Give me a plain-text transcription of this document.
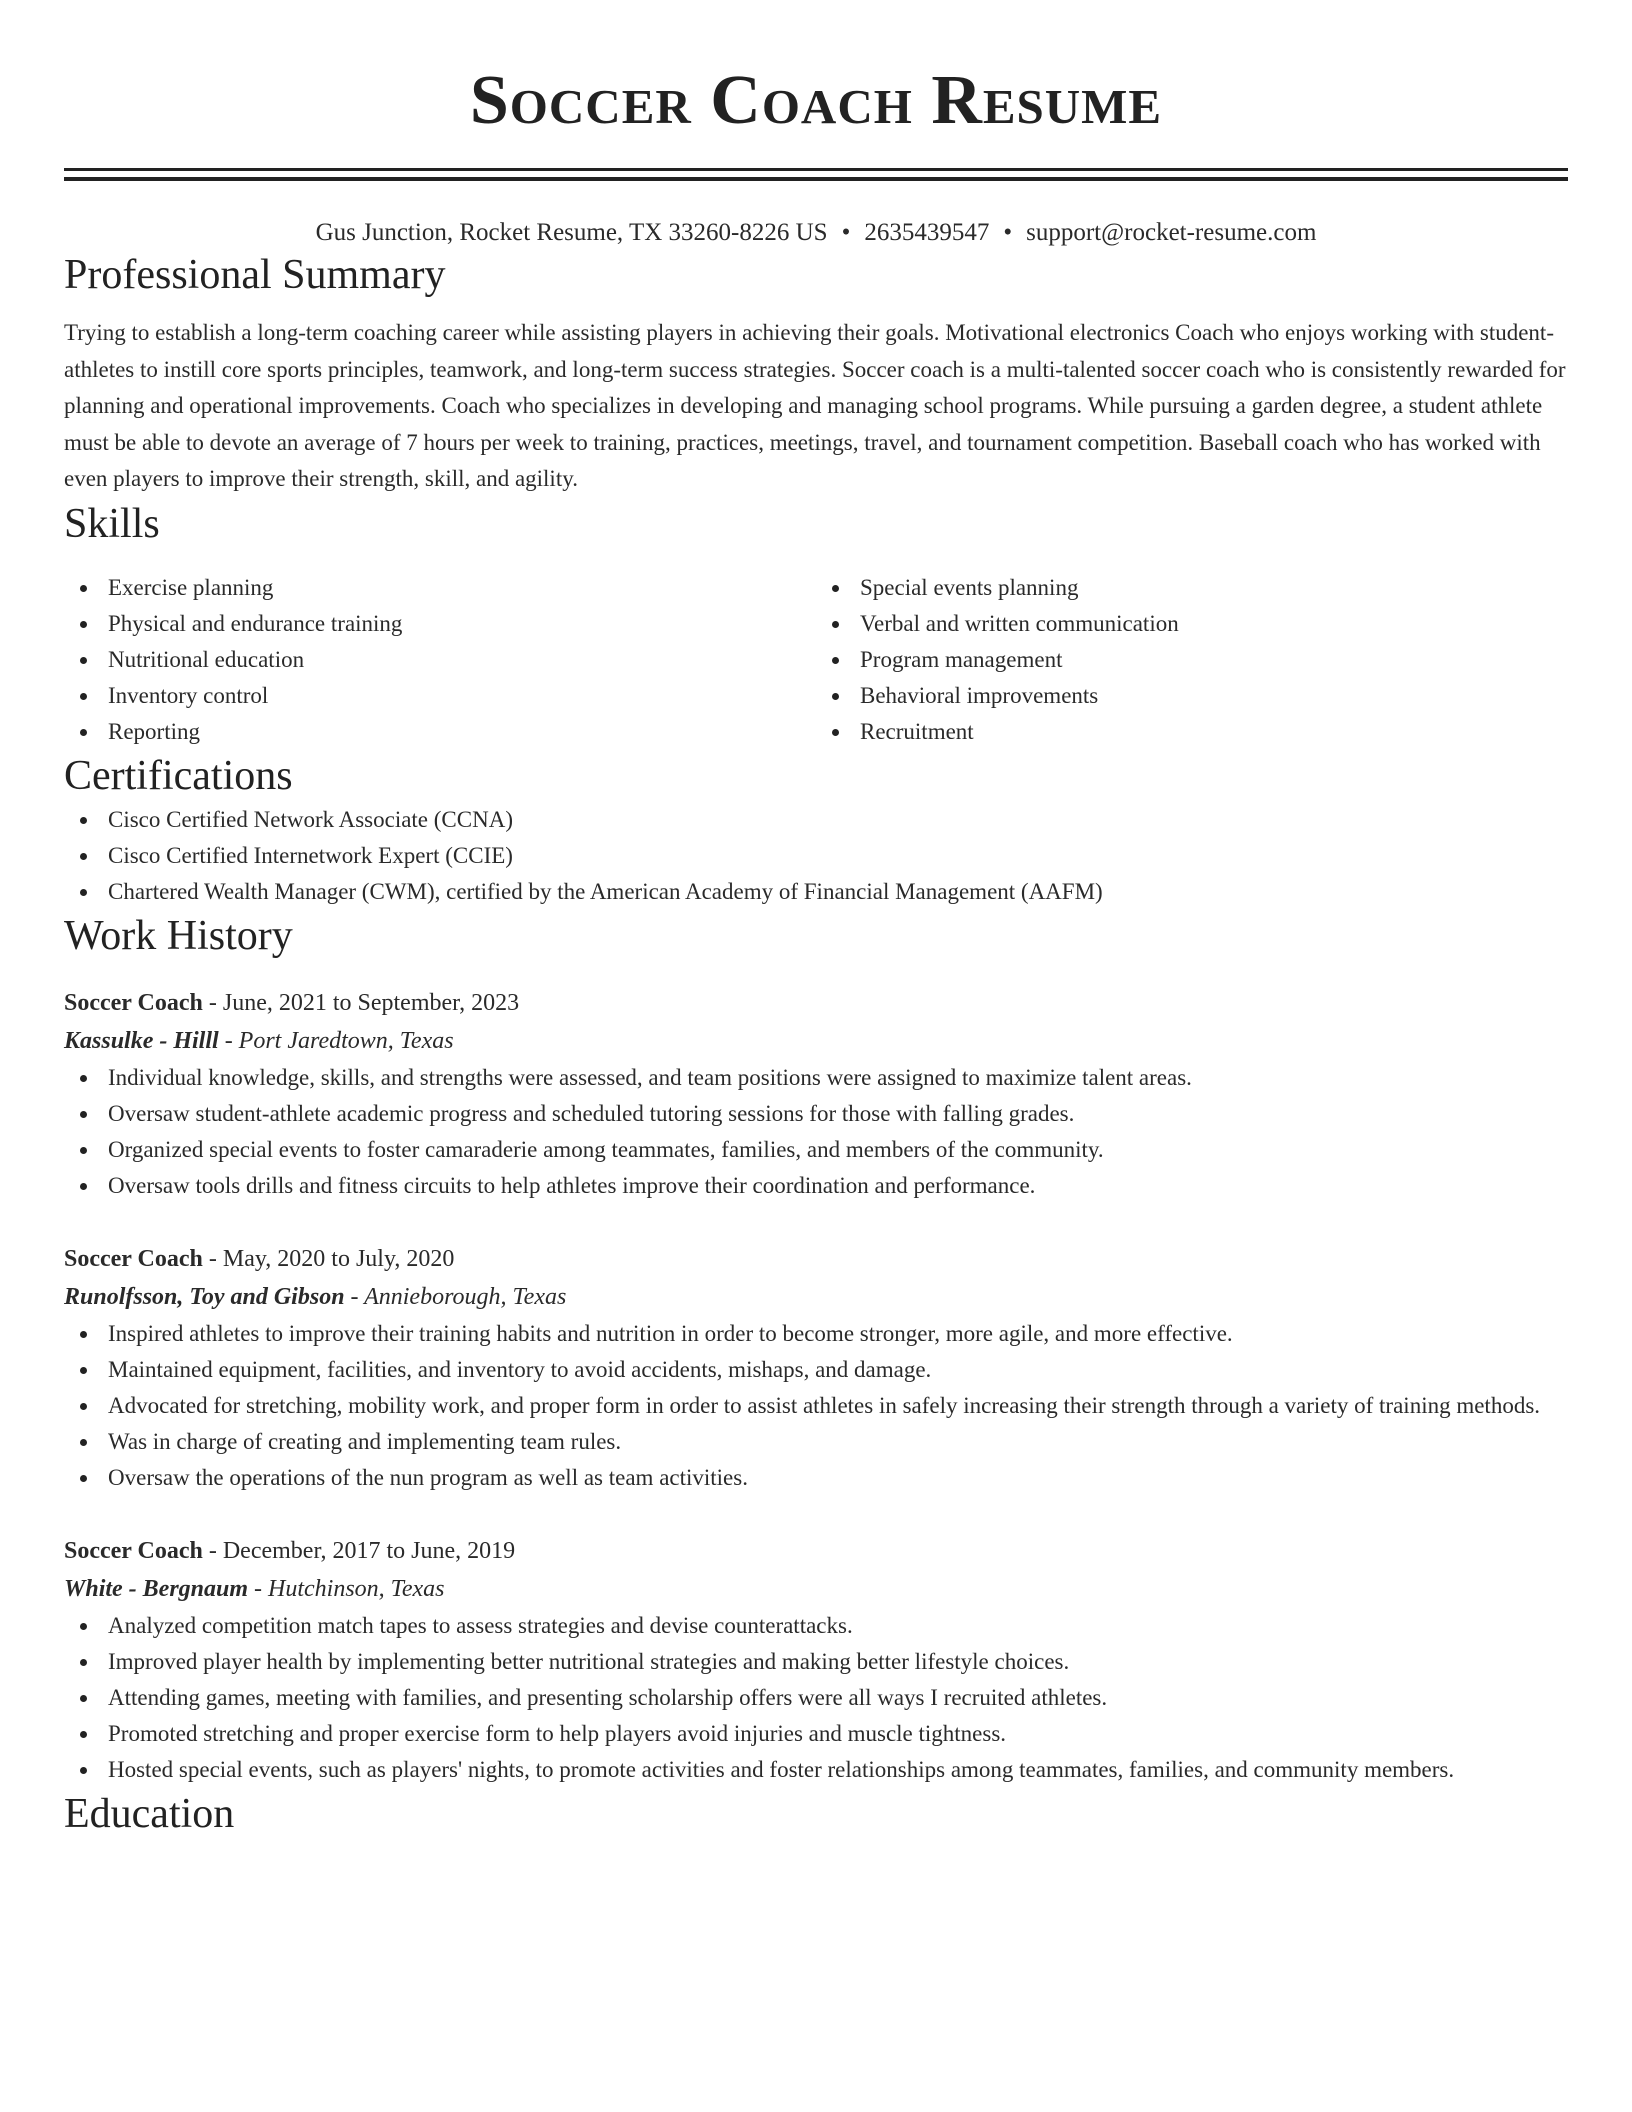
Soccer Coach Resume
Gus Junction, Rocket Resume, TX 33260-8226 US • 2635439547 • support@rocket-resume.com
Professional Summary

Trying to establish a long-term coaching career while assisting players in achieving their goals. Motivational electronics Coach who enjoys working with student-athletes to instill core sports principles, teamwork, and long-term success strategies. Soccer coach is a multi-talented soccer coach who is consistently rewarded for planning and operational improvements. Coach who specializes in developing and managing school programs. While pursuing a garden degree, a student athlete must be able to devote an average of 7 hours per week to training, practices, meetings, travel, and tournament competition. Baseball coach who has worked with even players to improve their strength, skill, and agility.

Skills
Exercise planning
Physical and endurance training
Nutritional education
Inventory control
Reporting
Special events planning
Verbal and written communication
Program management
Behavioral improvements
Recruitment
Certifications
Cisco Certified Network Associate (CCNA)
Cisco Certified Internetwork Expert (CCIE)
Chartered Wealth Manager (CWM), certified by the American Academy of Financial Management (AAFM)
Work History
Soccer Coach - June, 2021 to September, 2023
Kassulke - Hilll - Port Jaredtown, Texas
Individual knowledge, skills, and strengths were assessed, and team positions were assigned to maximize talent areas.
Oversaw student-athlete academic progress and scheduled tutoring sessions for those with falling grades.
Organized special events to foster camaraderie among teammates, families, and members of the community.
Oversaw tools drills and fitness circuits to help athletes improve their coordination and performance.
Soccer Coach - May, 2020 to July, 2020
Runolfsson, Toy and Gibson - Annieborough, Texas
Inspired athletes to improve their training habits and nutrition in order to become stronger, more agile, and more effective.
Maintained equipment, facilities, and inventory to avoid accidents, mishaps, and damage.
Advocated for stretching, mobility work, and proper form in order to assist athletes in safely increasing their strength through a variety of training methods.
Was in charge of creating and implementing team rules.
Oversaw the operations of the nun program as well as team activities.
Soccer Coach - December, 2017 to June, 2019
White - Bergnaum - Hutchinson, Texas
Analyzed competition match tapes to assess strategies and devise counterattacks.
Improved player health by implementing better nutritional strategies and making better lifestyle choices.
Attending games, meeting with families, and presenting scholarship offers were all ways I recruited athletes.
Promoted stretching and proper exercise form to help players avoid injuries and muscle tightness.
Hosted special events, such as players' nights, to promote activities and foster relationships among teammates, families, and community members.
Education
